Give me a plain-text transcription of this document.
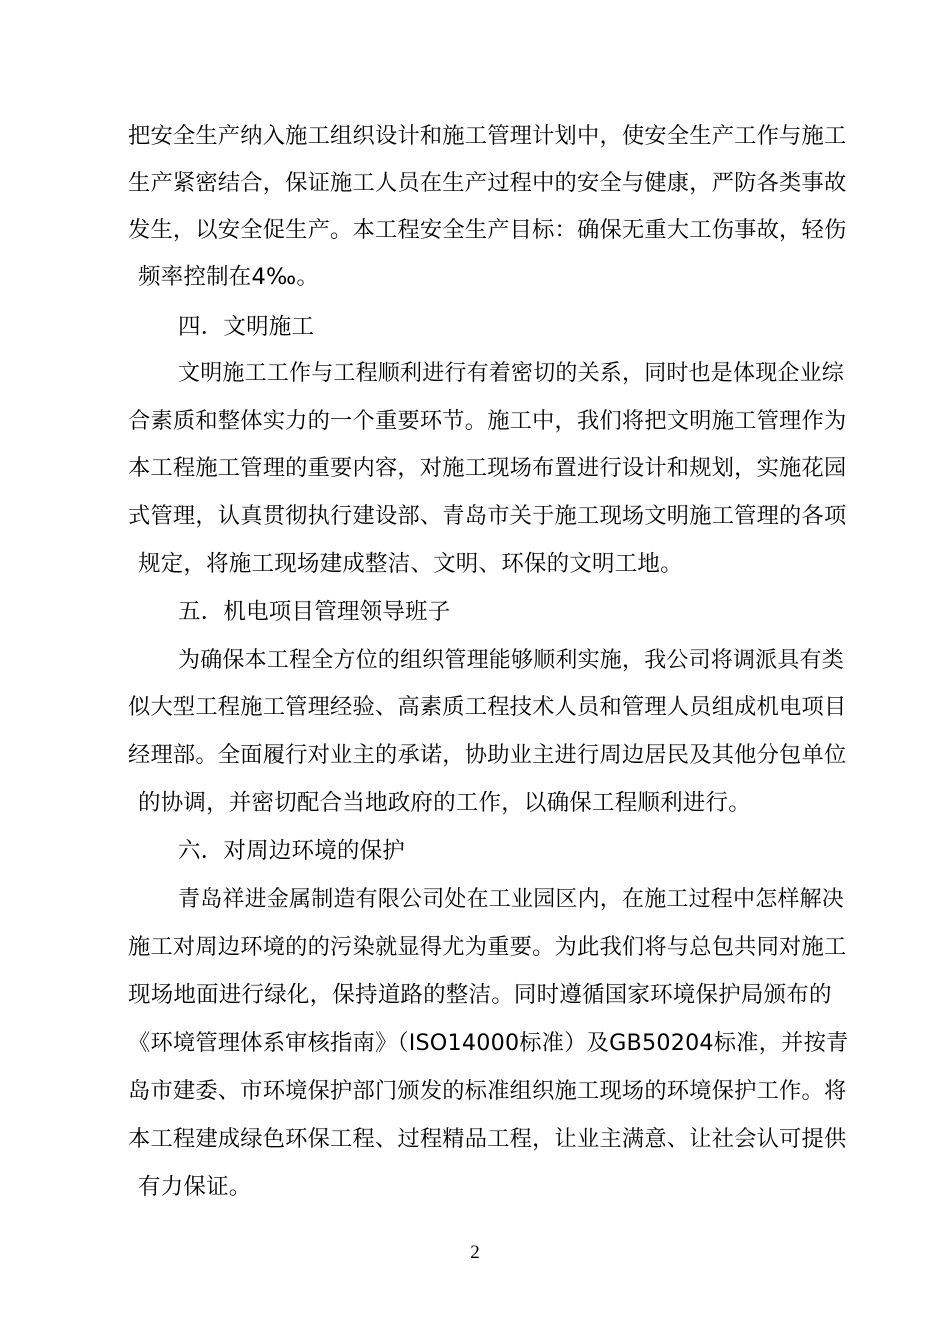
把安全生产纳入施工组织设计和施工管理计划中，使安全生产工作与施工
生产紧密结合，保证施工人员在生产过程中的安全与健康，严防各类事故
发生，以安全促生产。本工程安全生产目标：确保无重大工伤事故，轻伤
频率控制在4‰。
四．文明施工
文明施工工作与工程顺利进行有着密切的关系，同时也是体现企业综
合素质和整体实力的一个重要环节。施工中，我们将把文明施工管理作为
本工程施工管理的重要内容，对施工现场布置进行设计和规划，实施花园
式管理，认真贯彻执行建设部、青岛市关于施工现场文明施工管理的各项
规定，将施工现场建成整洁、文明、环保的文明工地。
五．机电项目管理领导班子
为确保本工程全方位的组织管理能够顺利实施，我公司将调派具有类
似大型工程施工管理经验、高素质工程技术人员和管理人员组成机电项目
经理部。全面履行对业主的承诺，协助业主进行周边居民及其他分包单位
的协调，并密切配合当地政府的工作，以确保工程顺利进行。
六．对周边环境的保护
青岛祥进金属制造有限公司处在工业园区内，在施工过程中怎样解决
施工对周边环境的的污染就显得尤为重要。为此我们将与总包共同对施工
现场地面进行绿化，保持道路的整洁。同时遵循国家环境保护局颁布的
《环境管理体系审核指南》（ISO14000标准）及GB50204标准，并按青
岛市建委、市环境保护部门颁发的标准组织施工现场的环境保护工作。将
本工程建成绿色环保工程、过程精品工程，让业主满意、让社会认可提供
有力保证。
2
